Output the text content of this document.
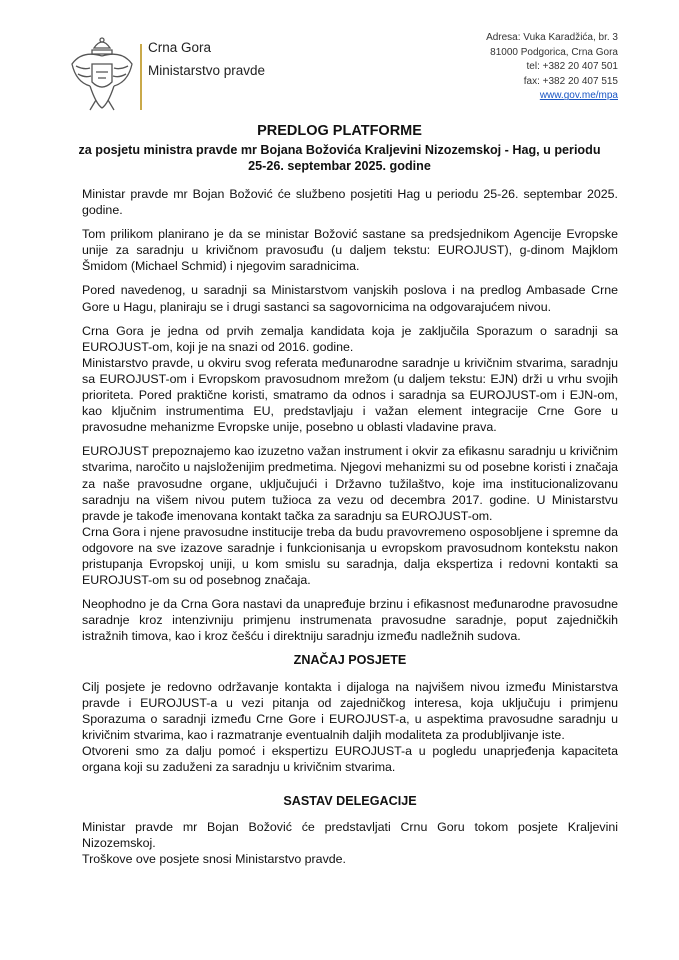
Crna Gora
Ministarstvo pravde
Adresa: Vuka Karadžića, br. 3
81000 Podgorica, Crna Gora
tel: +382 20 407 501
fax: +382 20 407 515
www.gov.me/mpa
PREDLOG PLATFORME
za posjetu ministra pravde mr Bojana Božovića Kraljevini Nizozemskoj - Hag, u periodu
25-26. septembar 2025. godine

Ministar pravde mr Bojan Božović će službeno posjetiti Hag u periodu 25-26. septembar 2025. godine.

Tom prilikom planirano je da se ministar Božović sastane sa predsjednikom Agencije Evropske unije za saradnju u krivičnom pravosuđu (u daljem tekstu: EUROJUST), g-dinom Majklom Šmidom (Michael Schmid) i njegovim saradnicima.

Pored navedenog, u saradnji sa Ministarstvom vanjskih poslova i na predlog Ambasade Crne Gore u Hagu, planiraju se i drugi sastanci sa sagovornicima na odgovarajućem nivou.

Crna Gora je jedna od prvih zemalja kandidata koja je zaključila Sporazum o saradnji sa EUROJUST-om, koji je na snazi od 2016. godine.

Ministarstvo pravde, u okviru svog referata međunarodne saradnje u krivičnim stvarima, saradnju sa EUROJUST-om i Evropskom pravosudnom mrežom (u daljem tekstu: EJN) drži u vrhu svojih prioriteta. Pored praktične koristi, smatramo da odnos i saradnja sa EUROJUST-om i EJN-om, kao ključnim instrumentima EU, predstavljaju i važan element integracije Crne Gore u pravosudne mehanizme Evropske unije, posebno u oblasti vladavine prava.

EUROJUST prepoznajemo kao izuzetno važan instrument i okvir za efikasnu saradnju u krivičnim stvarima, naročito u najsloženijim predmetima. Njegovi mehanizmi su od posebne koristi i značaja za naše pravosudne organe, uključujući i Državno tužilaštvo, koje ima institucionalizovanu saradnju na višem nivou putem tužioca za vezu od decembra 2017. godine. U Ministarstvu pravde je takođe imenovana kontakt tačka za saradnju sa EUROJUST-om.

Crna Gora i njene pravosudne institucije treba da budu pravovremeno osposobljene i spremne da odgovore na sve izazove saradnje i funkcionisanja u evropskom pravosudnom kontekstu nakon pristupanja Evropskoj uniji, u kom smislu su saradnja, dalja ekspertiza i redovni kontakti sa EUROJUST-om su od posebnog značaja.

Neophodno je da Crna Gora nastavi da unapređuje brzinu i efikasnost međunarodne pravosudne saradnje kroz intenzivniju primjenu instrumenata pravosudne saradnje, poput zajedničkih istražnih timova, kao i kroz češću i direktniju saradnju između nadležnih sudova.

ZNAČAJ POSJETE

Cilj posjete je redovno održavanje kontakta i dijaloga na najvišem nivou između Ministarstva pravde i EUROJUST-a u vezi pitanja od zajedničkog interesa, koja uključuju i primjenu Sporazuma o saradnji između Crne Gore i EUROJUST-a, u aspektima pravosudne saradnju u krivičnim stvarima, kao i razmatranje eventualnih daljih modaliteta za produbljivanje iste.

Otvoreni smo za dalju pomoć i ekspertizu EUROJUST-a u pogledu unaprjeđenja kapaciteta organa koji su zaduženi za saradnju u krivičnim stvarima.

SASTAV DELEGACIJE

Ministar pravde mr Bojan Božović će predstavljati Crnu Goru tokom posjete Kraljevini Nizozemskoj.

Troškove ove posjete snosi Ministarstvo pravde.
